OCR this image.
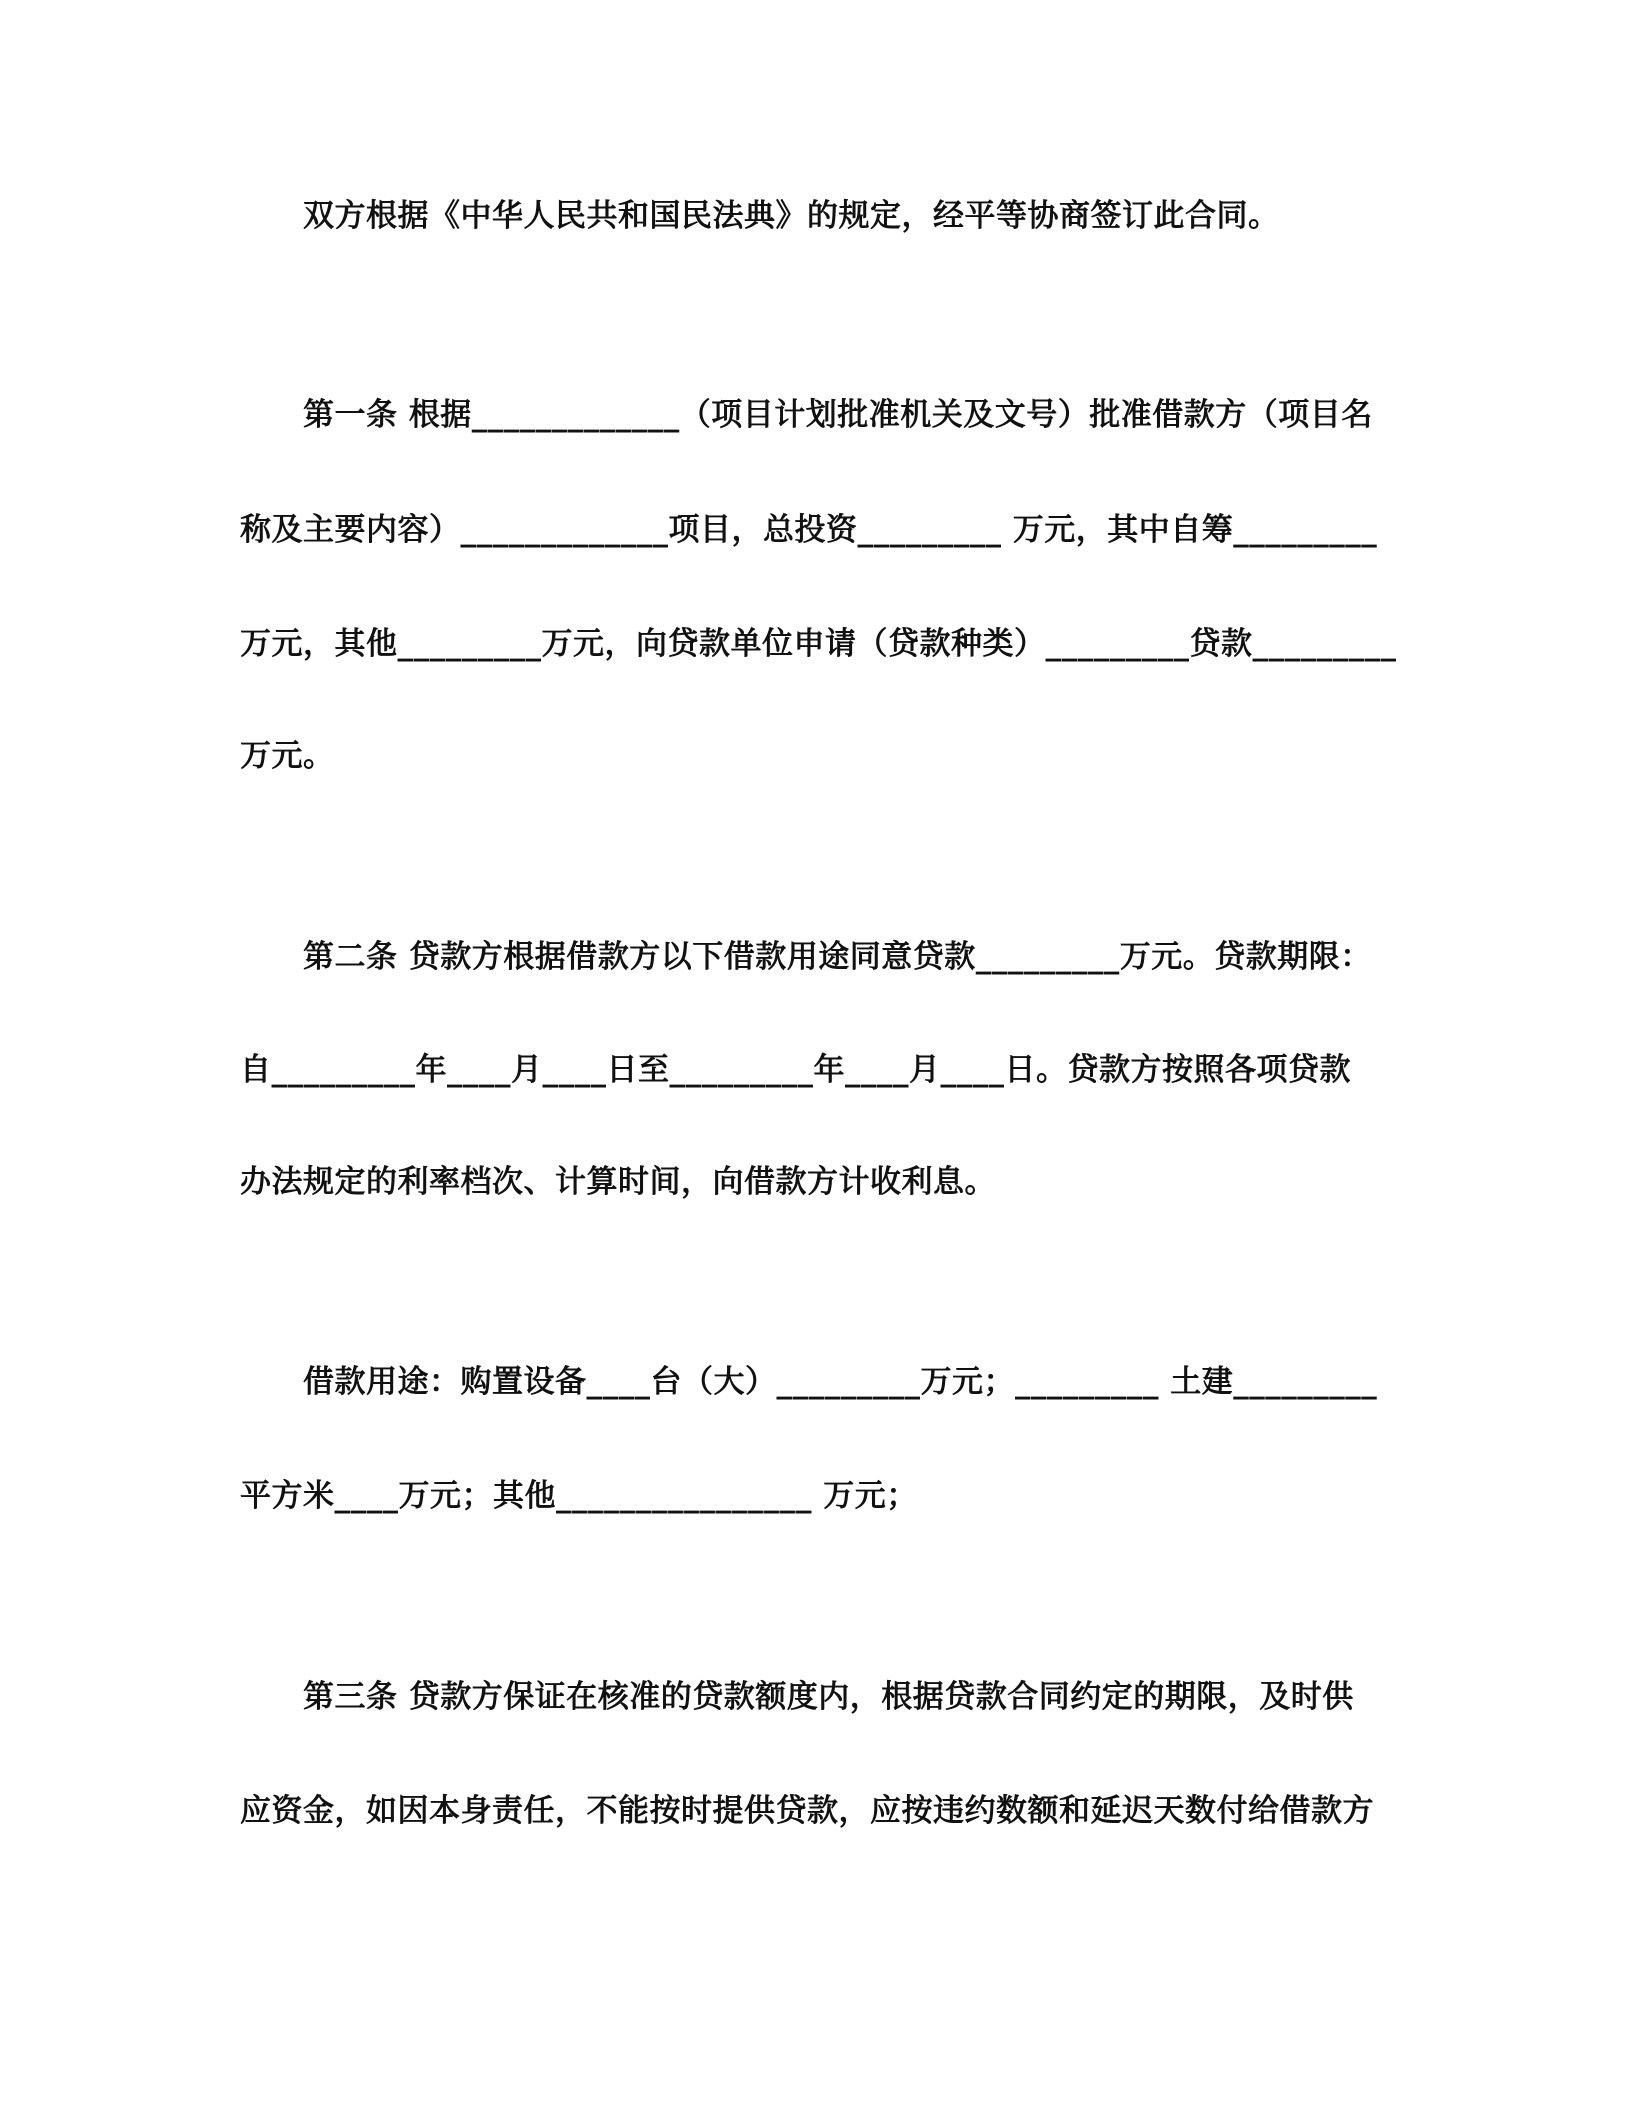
双方根据《中华人民共和国民法典》的规定，经平等协商签订此合同。
第一条 根据_____________（项目计划批准机关及文号）批准借款方（项目名
称及主要内容）_____________项目，总投资_________ 万元，其中自筹_________
万元，其他_________万元，向贷款单位申请（贷款种类）_________贷款_________
万元。
第二条 贷款方根据借款方以下借款用途同意贷款_________万元。贷款期限：
自_________年____月____日至_________年____月____日。贷款方按照各项贷款
办法规定的利率档次、计算时间，向借款方计收利息。
借款用途：购置设备____台（大）_________万元；_________ 土建_________
平方米____万元；其他________________ 万元；
第三条 贷款方保证在核准的贷款额度内，根据贷款合同约定的期限，及时供
应资金，如因本身责任，不能按时提供贷款，应按违约数额和延迟天数付给借款方
